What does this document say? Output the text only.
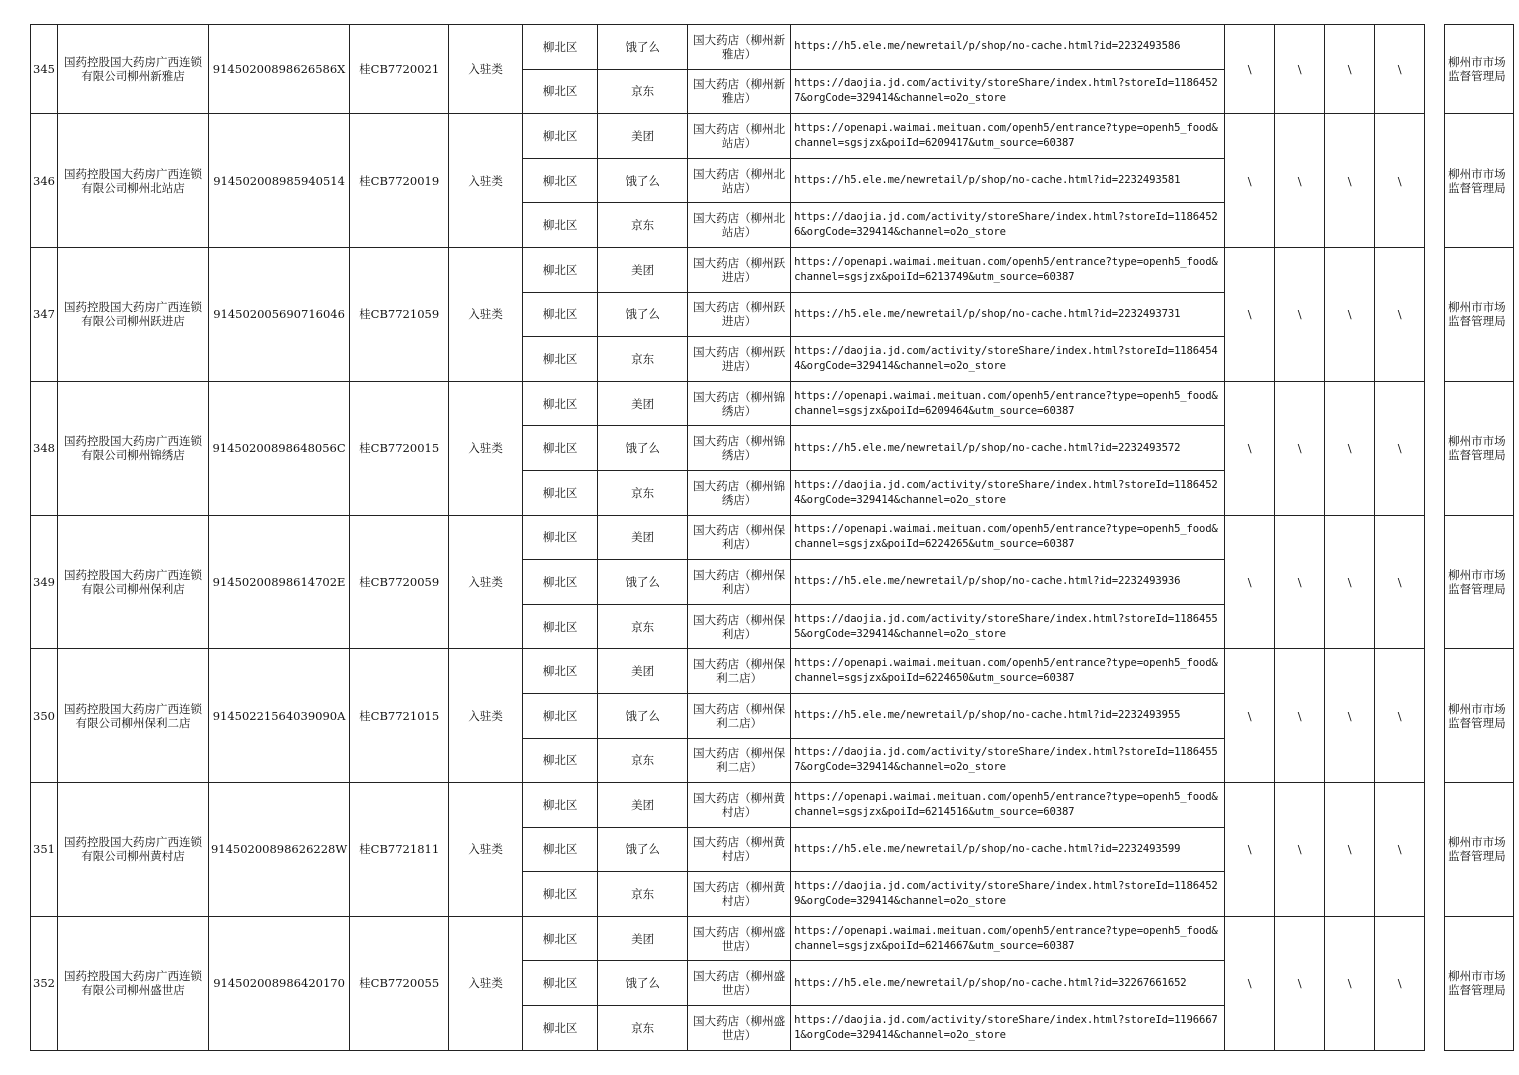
345	国药控股国大药房广西连锁有限公司柳州新雅店	91450200898626586X	桂CB7720021	入驻类	柳北区	饿了么	国大药店（柳州新雅店）	https://h5.ele.me/newretail/p/shop/no-cache.html?id=2232493586	\	\	\	\		柳州市市场监督管理局
					柳北区	京东	国大药店（柳州新雅店）	https://daojia.jd.com/activity/storeShare/index.html?storeId=11864527&orgCode=329414&channel=o2o_store						
346	国药控股国大药房广西连锁有限公司柳州北站店	914502008985940514	桂CB7720019	入驻类	柳北区	美团	国大药店（柳州北站店）	https://openapi.waimai.meituan.com/openh5/entrance?type=openh5_food&channel=sgsjzx&poiId=6209417&utm_source=60387	\	\	\	\		柳州市市场监督管理局
					柳北区	饿了么	国大药店（柳州北站店）	https://h5.ele.me/newretail/p/shop/no-cache.html?id=2232493581						
					柳北区	京东	国大药店（柳州北站店）	https://daojia.jd.com/activity/storeShare/index.html?storeId=11864526&orgCode=329414&channel=o2o_store						
347	国药控股国大药房广西连锁有限公司柳州跃进店	914502005690716046	桂CB7721059	入驻类	柳北区	美团	国大药店（柳州跃进店）	https://openapi.waimai.meituan.com/openh5/entrance?type=openh5_food&channel=sgsjzx&poiId=6213749&utm_source=60387	\	\	\	\		柳州市市场监督管理局
					柳北区	饿了么	国大药店（柳州跃进店）	https://h5.ele.me/newretail/p/shop/no-cache.html?id=2232493731						
					柳北区	京东	国大药店（柳州跃进店）	https://daojia.jd.com/activity/storeShare/index.html?storeId=11864544&orgCode=329414&channel=o2o_store						
348	国药控股国大药房广西连锁有限公司柳州锦绣店	91450200898648056C	桂CB7720015	入驻类	柳北区	美团	国大药店（柳州锦绣店）	https://openapi.waimai.meituan.com/openh5/entrance?type=openh5_food&channel=sgsjzx&poiId=6209464&utm_source=60387	\	\	\	\		柳州市市场监督管理局
					柳北区	饿了么	国大药店（柳州锦绣店）	https://h5.ele.me/newretail/p/shop/no-cache.html?id=2232493572						
					柳北区	京东	国大药店（柳州锦绣店）	https://daojia.jd.com/activity/storeShare/index.html?storeId=11864524&orgCode=329414&channel=o2o_store						
349	国药控股国大药房广西连锁有限公司柳州保利店	91450200898614702E	桂CB7720059	入驻类	柳北区	美团	国大药店（柳州保利店）	https://openapi.waimai.meituan.com/openh5/entrance?type=openh5_food&channel=sgsjzx&poiId=6224265&utm_source=60387	\	\	\	\		柳州市市场监督管理局
					柳北区	饿了么	国大药店（柳州保利店）	https://h5.ele.me/newretail/p/shop/no-cache.html?id=2232493936						
					柳北区	京东	国大药店（柳州保利店）	https://daojia.jd.com/activity/storeShare/index.html?storeId=11864555&orgCode=329414&channel=o2o_store						
350	国药控股国大药房广西连锁有限公司柳州保利二店	91450221564039090A	桂CB7721015	入驻类	柳北区	美团	国大药店（柳州保利二店）	https://openapi.waimai.meituan.com/openh5/entrance?type=openh5_food&channel=sgsjzx&poiId=6224650&utm_source=60387	\	\	\	\		柳州市市场监督管理局
					柳北区	饿了么	国大药店（柳州保利二店）	https://h5.ele.me/newretail/p/shop/no-cache.html?id=2232493955						
					柳北区	京东	国大药店（柳州保利二店）	https://daojia.jd.com/activity/storeShare/index.html?storeId=11864557&orgCode=329414&channel=o2o_store						
351	国药控股国大药房广西连锁有限公司柳州黄村店	91450200898626228W	桂CB7721811	入驻类	柳北区	美团	国大药店（柳州黄村店）	https://openapi.waimai.meituan.com/openh5/entrance?type=openh5_food&channel=sgsjzx&poiId=6214516&utm_source=60387	\	\	\	\		柳州市市场监督管理局
					柳北区	饿了么	国大药店（柳州黄村店）	https://h5.ele.me/newretail/p/shop/no-cache.html?id=2232493599						
					柳北区	京东	国大药店（柳州黄村店）	https://daojia.jd.com/activity/storeShare/index.html?storeId=11864529&orgCode=329414&channel=o2o_store						
352	国药控股国大药房广西连锁有限公司柳州盛世店	914502008986420170	桂CB7720055	入驻类	柳北区	美团	国大药店（柳州盛世店）	https://openapi.waimai.meituan.com/openh5/entrance?type=openh5_food&channel=sgsjzx&poiId=6214667&utm_source=60387	\	\	\	\		柳州市市场监督管理局
					柳北区	饿了么	国大药店（柳州盛世店）	https://h5.ele.me/newretail/p/shop/no-cache.html?id=32267661652						
					柳北区	京东	国大药店（柳州盛世店）	https://daojia.jd.com/activity/storeShare/index.html?storeId=11966671&orgCode=329414&channel=o2o_store						
